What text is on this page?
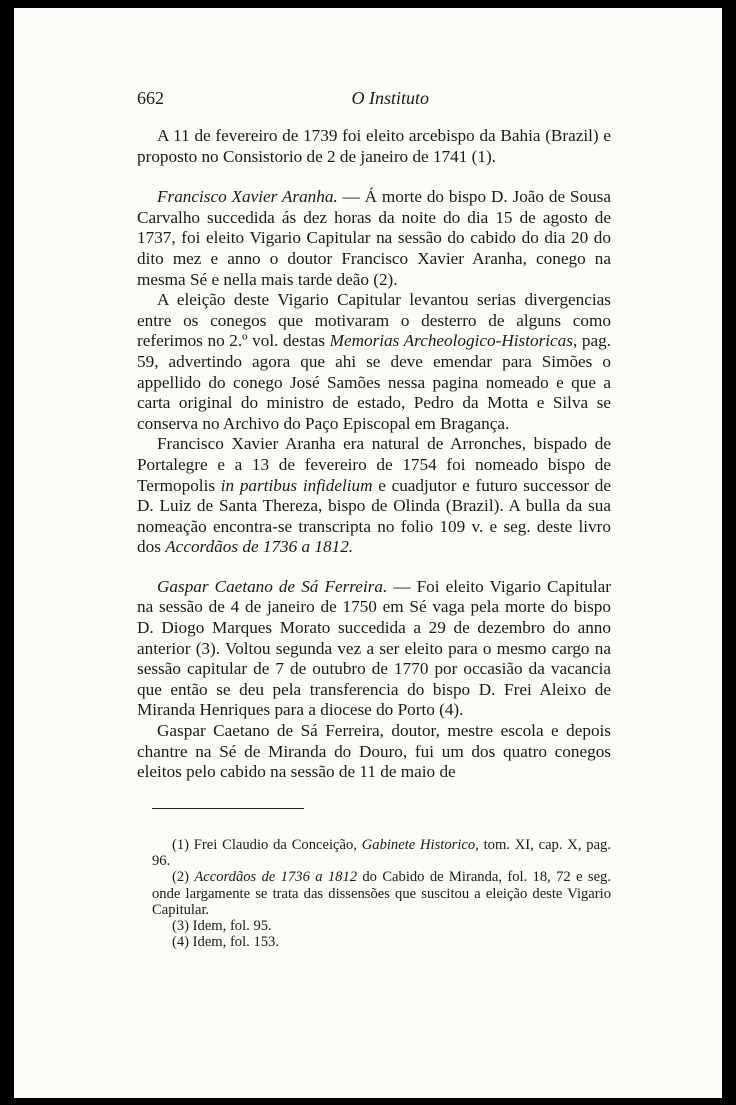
662	O Instituto

A 11 de fevereiro de 1739 foi eleito arcebispo da Bahia (Brazil) e proposto no Consistorio de 2 de janeiro de 1741 (1).

Francisco Xavier Aranha. — Á morte do bispo D. João de Sousa Carvalho succedida ás dez horas da noite do dia 15 de agosto de 1737, foi eleito Vigario Capitular na sessão do cabido do dia 20 do dito mez e anno o doutor Francisco Xavier Aranha, conego na mesma Sé e nella mais tarde deão (2).

A eleição deste Vigario Capitular levantou serias divergencias entre os conegos que motivaram o desterro de alguns como referimos no 2.º vol. destas Memorias Archeologico-Historicas, pag. 59, advertindo agora que ahi se deve emendar para Simões o appellido do conego José Samões nessa pagina nomeado e que a carta original do ministro de estado, Pedro da Motta e Silva se conserva no Archivo do Paço Episcopal em Bragança.

Francisco Xavier Aranha era natural de Arronches, bispado de Portalegre e a 13 de fevereiro de 1754 foi nomeado bispo de Termopolis in partibus infidelium e cuadjutor e futuro successor de D. Luiz de Santa Thereza, bispo de Olinda (Brazil). A bulla da sua nomeação encontra-se transcripta no folio 109 v. e seg. deste livro dos Accordãos de 1736 a 1812.

Gaspar Caetano de Sá Ferreira. — Foi eleito Vigario Capitular na sessão de 4 de janeiro de 1750 em Sé vaga pela morte do bispo D. Diogo Marques Morato succedida a 29 de dezembro do anno anterior (3). Voltou segunda vez a ser eleito para o mesmo cargo na sessão capitular de 7 de outubro de 1770 por occasião da vacancia que então se deu pela transferencia do bispo D. Frei Aleixo de Miranda Henriques para a diocese do Porto (4).

Gaspar Caetano de Sá Ferreira, doutor, mestre escola e depois chantre na Sé de Miranda do Douro, fui um dos quatro conegos eleitos pelo cabido na sessão de 11 de maio de

(1) Frei Claudio da Conceição, Gabinete Historico, tom. XI, cap. X, pag. 96.

(2) Accordãos de 1736 a 1812 do Cabido de Miranda, fol. 18, 72 e seg. onde largamente se trata das dissensões que suscitou a eleição deste Vigario Capitular.

(3) Idem, fol. 95.

(4) Idem, fol. 153.
